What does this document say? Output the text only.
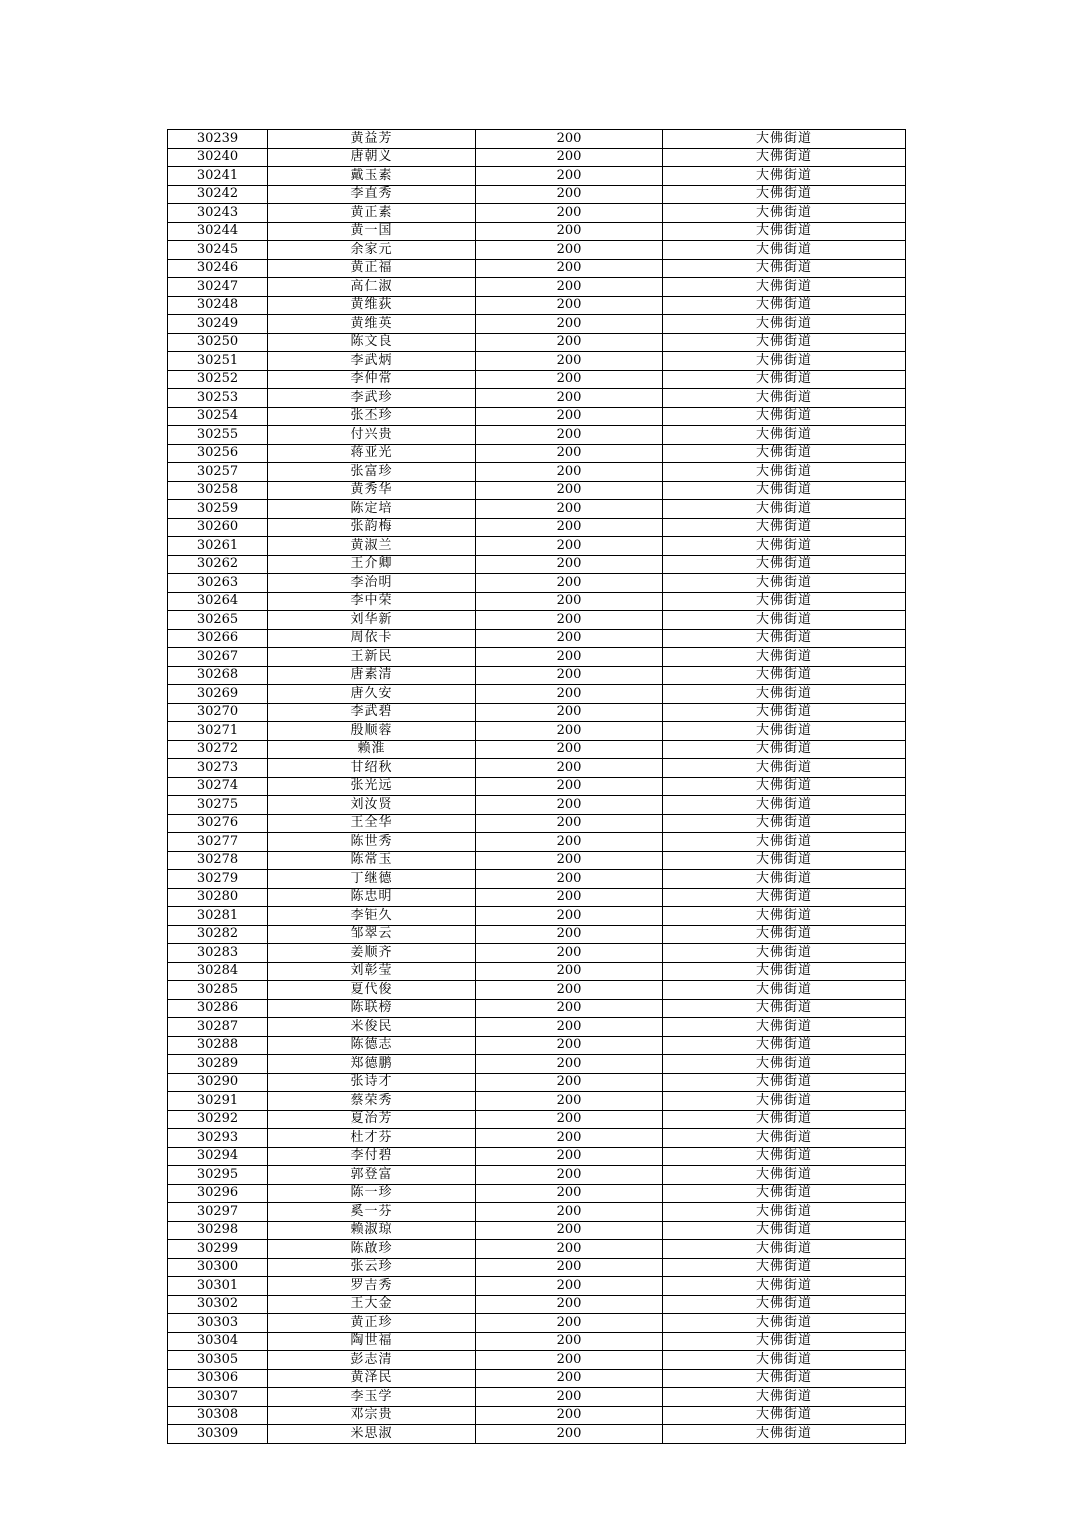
30239	黄益芳	200	大佛街道
30240	唐朝义	200	大佛街道
30241	戴玉素	200	大佛街道
30242	李直秀	200	大佛街道
30243	黄正素	200	大佛街道
30244	黄一国	200	大佛街道
30245	余家元	200	大佛街道
30246	黄正福	200	大佛街道
30247	高仁淑	200	大佛街道
30248	黄维荻	200	大佛街道
30249	黄维英	200	大佛街道
30250	陈文良	200	大佛街道
30251	李武炳	200	大佛街道
30252	李仲常	200	大佛街道
30253	李武珍	200	大佛街道
30254	张丕珍	200	大佛街道
30255	付兴贵	200	大佛街道
30256	蒋亚光	200	大佛街道
30257	张富珍	200	大佛街道
30258	黄秀华	200	大佛街道
30259	陈定培	200	大佛街道
30260	张韵梅	200	大佛街道
30261	黄淑兰	200	大佛街道
30262	王介卿	200	大佛街道
30263	李治明	200	大佛街道
30264	李中荣	200	大佛街道
30265	刘华新	200	大佛街道
30266	周依卡	200	大佛街道
30267	王新民	200	大佛街道
30268	唐素清	200	大佛街道
30269	唐久安	200	大佛街道
30270	李武碧	200	大佛街道
30271	殷顺蓉	200	大佛街道
30272	赖淮	200	大佛街道
30273	甘绍秋	200	大佛街道
30274	张光远	200	大佛街道
30275	刘汝贤	200	大佛街道
30276	王全华	200	大佛街道
30277	陈世秀	200	大佛街道
30278	陈常玉	200	大佛街道
30279	丁继德	200	大佛街道
30280	陈忠明	200	大佛街道
30281	李钜久	200	大佛街道
30282	邹翠云	200	大佛街道
30283	姜顺齐	200	大佛街道
30284	刘彰莹	200	大佛街道
30285	夏代俊	200	大佛街道
30286	陈联榜	200	大佛街道
30287	米俊民	200	大佛街道
30288	陈德志	200	大佛街道
30289	郑德鹏	200	大佛街道
30290	张诗才	200	大佛街道
30291	蔡荣秀	200	大佛街道
30292	夏治芳	200	大佛街道
30293	杜才芬	200	大佛街道
30294	李付碧	200	大佛街道
30295	郭登富	200	大佛街道
30296	陈一珍	200	大佛街道
30297	奚一芬	200	大佛街道
30298	赖淑琼	200	大佛街道
30299	陈啟珍	200	大佛街道
30300	张云珍	200	大佛街道
30301	罗吉秀	200	大佛街道
30302	王大金	200	大佛街道
30303	黄正珍	200	大佛街道
30304	陶世福	200	大佛街道
30305	彭志清	200	大佛街道
30306	黄泽民	200	大佛街道
30307	李玉学	200	大佛街道
30308	邓宗贵	200	大佛街道
30309	米思淑	200	大佛街道
